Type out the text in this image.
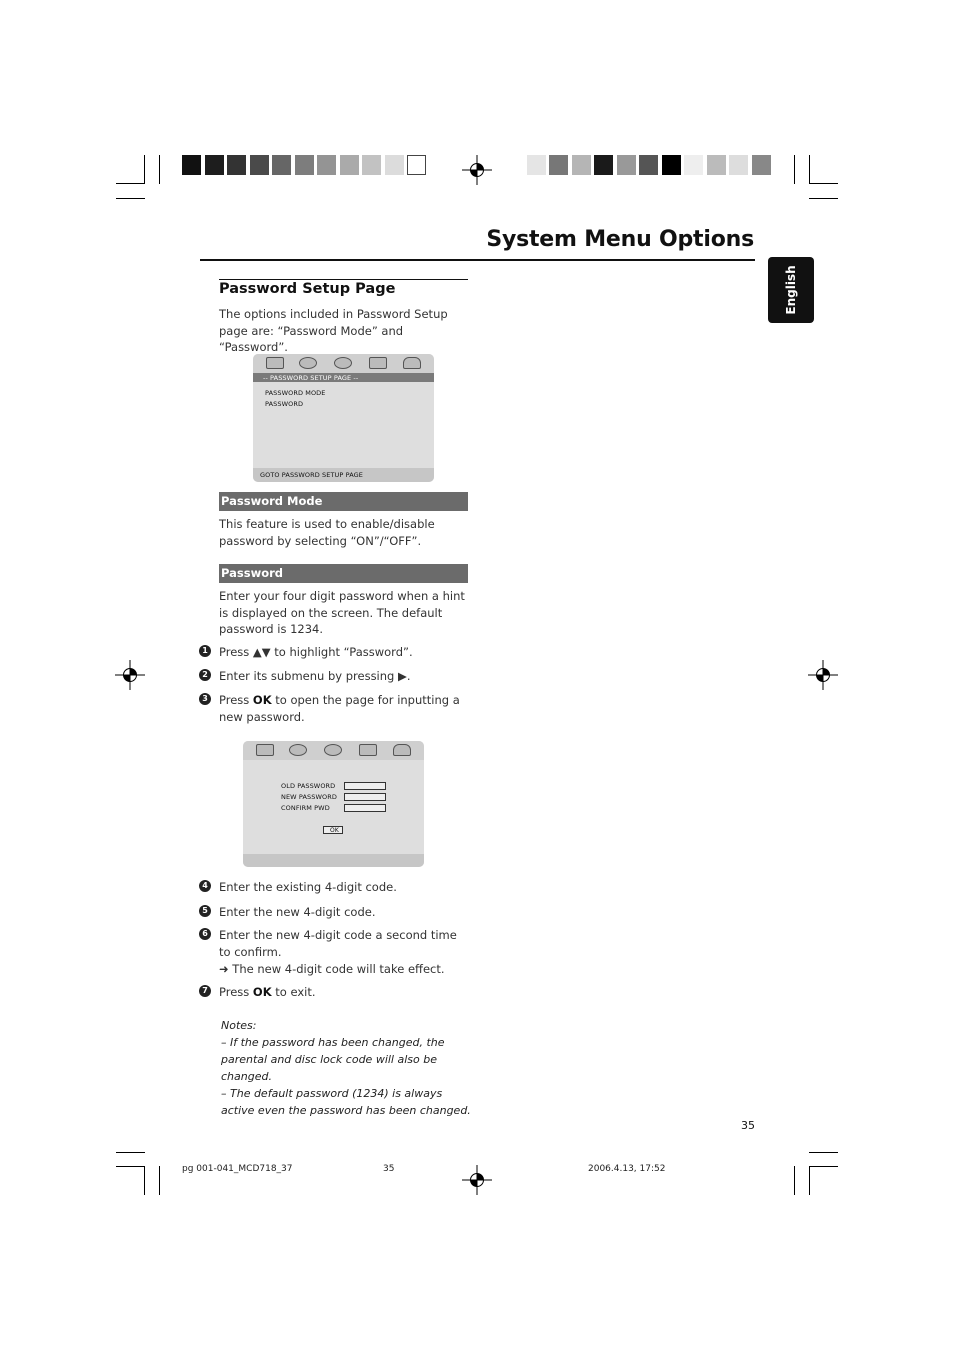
System Menu Options
English
Password Setup Page
The options included in Password Setup page are: “Password Mode” and “Password”.
-- PASSWORD SETUP PAGE --
PASSWORD MODE
PASSWORD
GOTO PASSWORD SETUP PAGE
Password Mode
This feature is used to enable/disable password by selecting “ON”/“OFF”.
Password
Enter your four digit password when a hint is displayed on the screen. The default password is 1234.
1 Press ▲▼ to highlight “Password”.
2 Enter its submenu by pressing ▶.
3 Press OK to open the page for inputting a new password.
OLD PASSWORD
NEW PASSWORD
CONFIRM PWD
OK
4 Enter the existing 4-digit code.
5 Enter the new 4-digit code.
6 Enter the new 4-digit code a second time to confirm.
➜ The new 4-digit code will take effect.
7 Press OK to exit.
Notes:
– If the password has been changed, the parental and disc lock code will also be changed.
– The default password (1234) is always active even the password has been changed.
35
pg 001-041_MCD718_37	35	2006.4.13, 17:52
